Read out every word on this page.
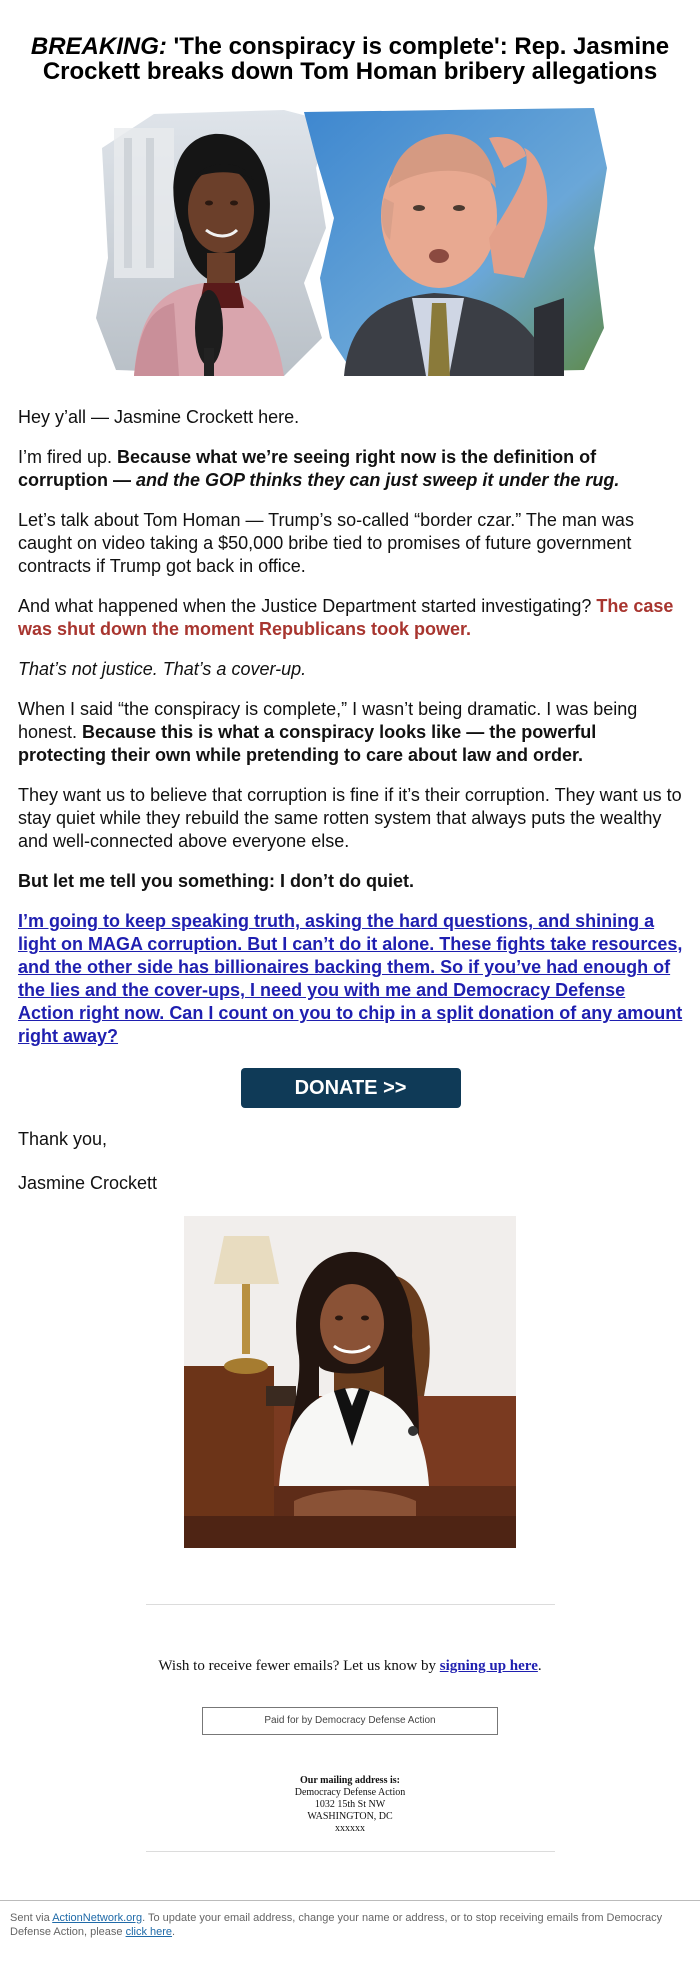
BREAKING: 'The conspiracy is complete': Rep. Jasmine Crockett breaks down Tom Homan bribery allegations

Hey y’all — Jasmine Crockett here.

I’m fired up. Because what we’re seeing right now is the definition of corruption — and the GOP thinks they can just sweep it under the rug.

Let’s talk about Tom Homan — Trump’s so-called “border czar.” The man was caught on video taking a $50,000 bribe tied to promises of future government contracts if Trump got back in office.

And what happened when the Justice Department started investigating? The case was shut down the moment Republicans took power.

That’s not justice. That’s a cover-up.

When I said “the conspiracy is complete,” I wasn’t being dramatic. I was being honest. Because this is what a conspiracy looks like — the powerful protecting their own while pretending to care about law and order.

They want us to believe that corruption is fine if it’s their corruption. They want us to stay quiet while they rebuild the same rotten system that always puts the wealthy and well-connected above everyone else.

But let me tell you something: I don’t do quiet.

I’m going to keep speaking truth, asking the hard questions, and shining a light on MAGA corruption. But I can’t do it alone. These fights take resources, and the other side has billionaires backing them. So if you’ve had enough of the lies and the cover-ups, I need you with me and Democracy Defense Action right now. Can I count on you to chip in a split donation of any amount right away?

DONATE >>

Thank you,

Jasmine Crockett

Wish to receive fewer emails? Let us know by signing up here.

Paid for by Democracy Defense Action
Our mailing address is:
Democracy Defense Action
1032 15th St NW
WASHINGTON, DC
xxxxxx
Sent via ActionNetwork.org. To update your email address, change your name or address, or to stop receiving emails from Democracy Defense Action, please click here.
